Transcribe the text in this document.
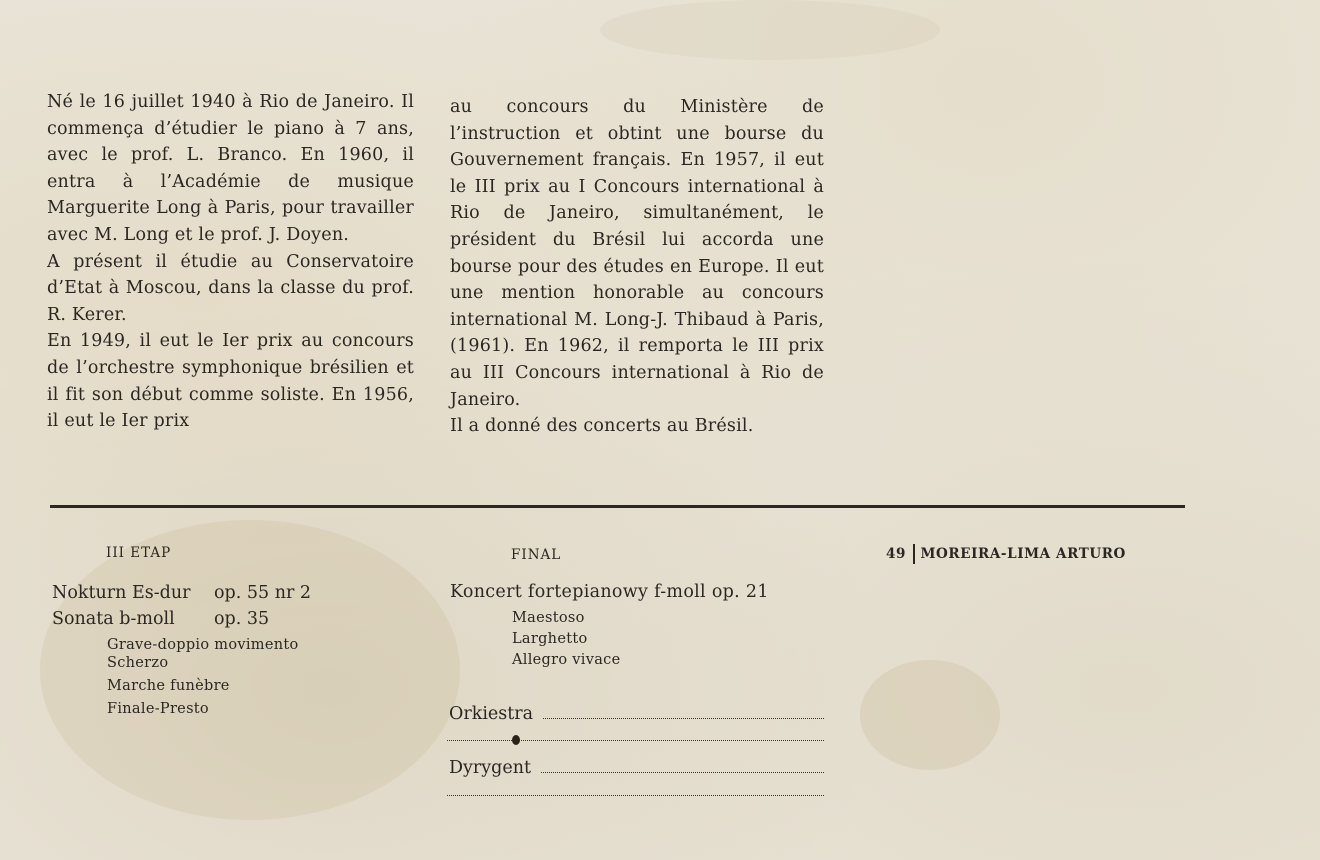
Né le 16 juillet 1940 à Rio de Janeiro. Il commença d’étudier le piano à 7 ans, avec le prof. L. Branco. En 1960, il entra à l’Académie de musique Marguerite Long à Paris, pour travailler avec M. Long et le prof. J. Doyen.

A présent il étudie au Conservatoire d’Etat à Moscou, dans la classe du prof. R. Kerer.

En 1949, il eut le Ier prix au concours de l’orchestre symphonique brésilien et il fit son début comme soliste. En 1956, il eut le Ier prix

au concours du Ministère de l’instruction et obtint une bourse du Gouvernement français. En 1957, il eut le III prix au I Concours international à Rio de Janeiro, simultanément, le président du Brésil lui accorda une bourse pour des études en Europe. Il eut une mention honorable au concours international M. Long-J. Thibaud à Paris, (1961). En 1962, il remporta le III prix au III Concours international à Rio de Janeiro.

Il a donné des concerts au Brésil.

III ETAP	FINAL	49 MOREIRA-LIMA ARTURO
Nokturn Es-dur op. 55 nr 2
Sonata b-moll op. 35
Grave-doppio movimento
Scherzo
Marche funèbre
Finale-Presto
Koncert fortepianowy f-moll op. 21
Maestoso
Larghetto
Allegro vivace
Orkiestra
Dyrygent
